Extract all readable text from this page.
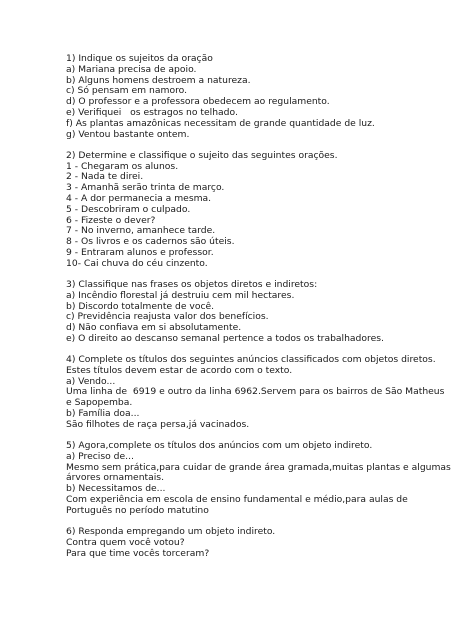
1) Indique os sujeitos da oração
a) Mariana precisa de apoio.
b) Alguns homens destroem a natureza.
c) Só pensam em namoro.
d) O professor e a professora obedecem ao regulamento.
e) Verifiquei   os estragos no telhado.
f) As plantas amazônicas necessitam de grande quantidade de luz.
g) Ventou bastante ontem.
2) Determine e classifique o sujeito das seguintes orações.
1 - Chegaram os alunos.
2 - Nada te direi.
3 - Amanhã serão trinta de março.
4 - A dor permanecia a mesma.
5 - Descobriram o culpado.
6 - Fizeste o dever?
7 - No inverno, amanhece tarde.
8 - Os livros e os cadernos são úteis.
9 - Entraram alunos e professor.
10- Cai chuva do céu cinzento.
3) Classifique nas frases os objetos diretos e indiretos:
a) Incêndio florestal já destruiu cem mil hectares.
b) Discordo totalmente de você.
c) Previdência reajusta valor dos benefícios.
d) Não confiava em si absolutamente.
e) O direito ao descanso semanal pertence a todos os trabalhadores.
4) Complete os títulos dos seguintes anúncios classificados com objetos diretos.
Estes títulos devem estar de acordo com o texto.
a) Vendo...
Uma linha de  6919 e outro da linha 6962.Servem para os bairros de São Matheus
e Sapopemba.
b) Família doa...
São filhotes de raça persa,já vacinados.
5) Agora,complete os títulos dos anúncios com um objeto indireto.
a) Preciso de...
Mesmo sem prática,para cuidar de grande área gramada,muitas plantas e algumas
árvores ornamentais.
b) Necessitamos de...
Com experiência em escola de ensino fundamental e médio,para aulas de
Português no período matutino
6) Responda empregando um objeto indireto.
Contra quem você votou?
Para que time vocês torceram?
